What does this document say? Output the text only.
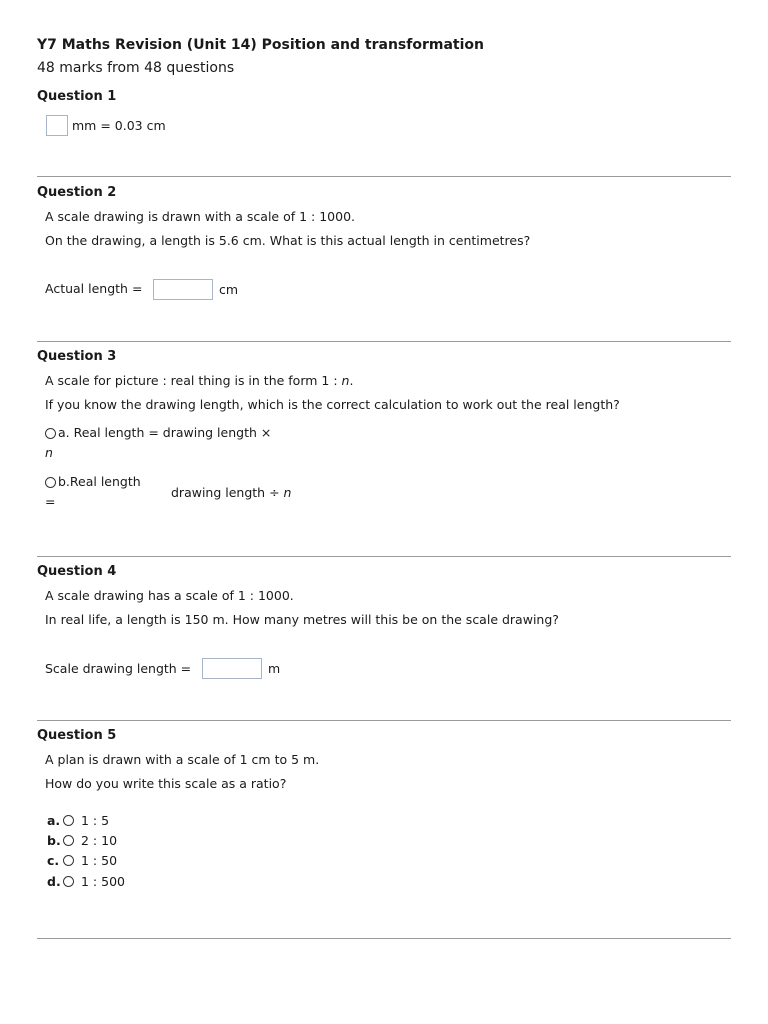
Y7 Maths Revision (Unit 14) Position and transformation
48 marks from 48 questions
Question 1
mm = 0.03 cm
Question 2
A scale drawing is drawn with a scale of 1 : 1000.
On the drawing, a length is 5.6 cm. What is this actual length in centimetres?
Actual length =	cm
Question 3
A scale for picture : real thing is in the form 1 : n.
If you know the drawing length, which is the correct calculation to work out the real length?
a. Real length = drawing length ×
n
b.Real length
=
drawing length ÷ n
Question 4
A scale drawing has a scale of 1 : 1000.
In real life, a length is 150 m. How many metres will this be on the scale drawing?
Scale drawing length =	m
Question 5
A plan is drawn with a scale of 1 cm to 5 m.
How do you write this scale as a ratio?
a. 1 : 5
b. 2 : 10
c. 1 : 50
d. 1 : 500
